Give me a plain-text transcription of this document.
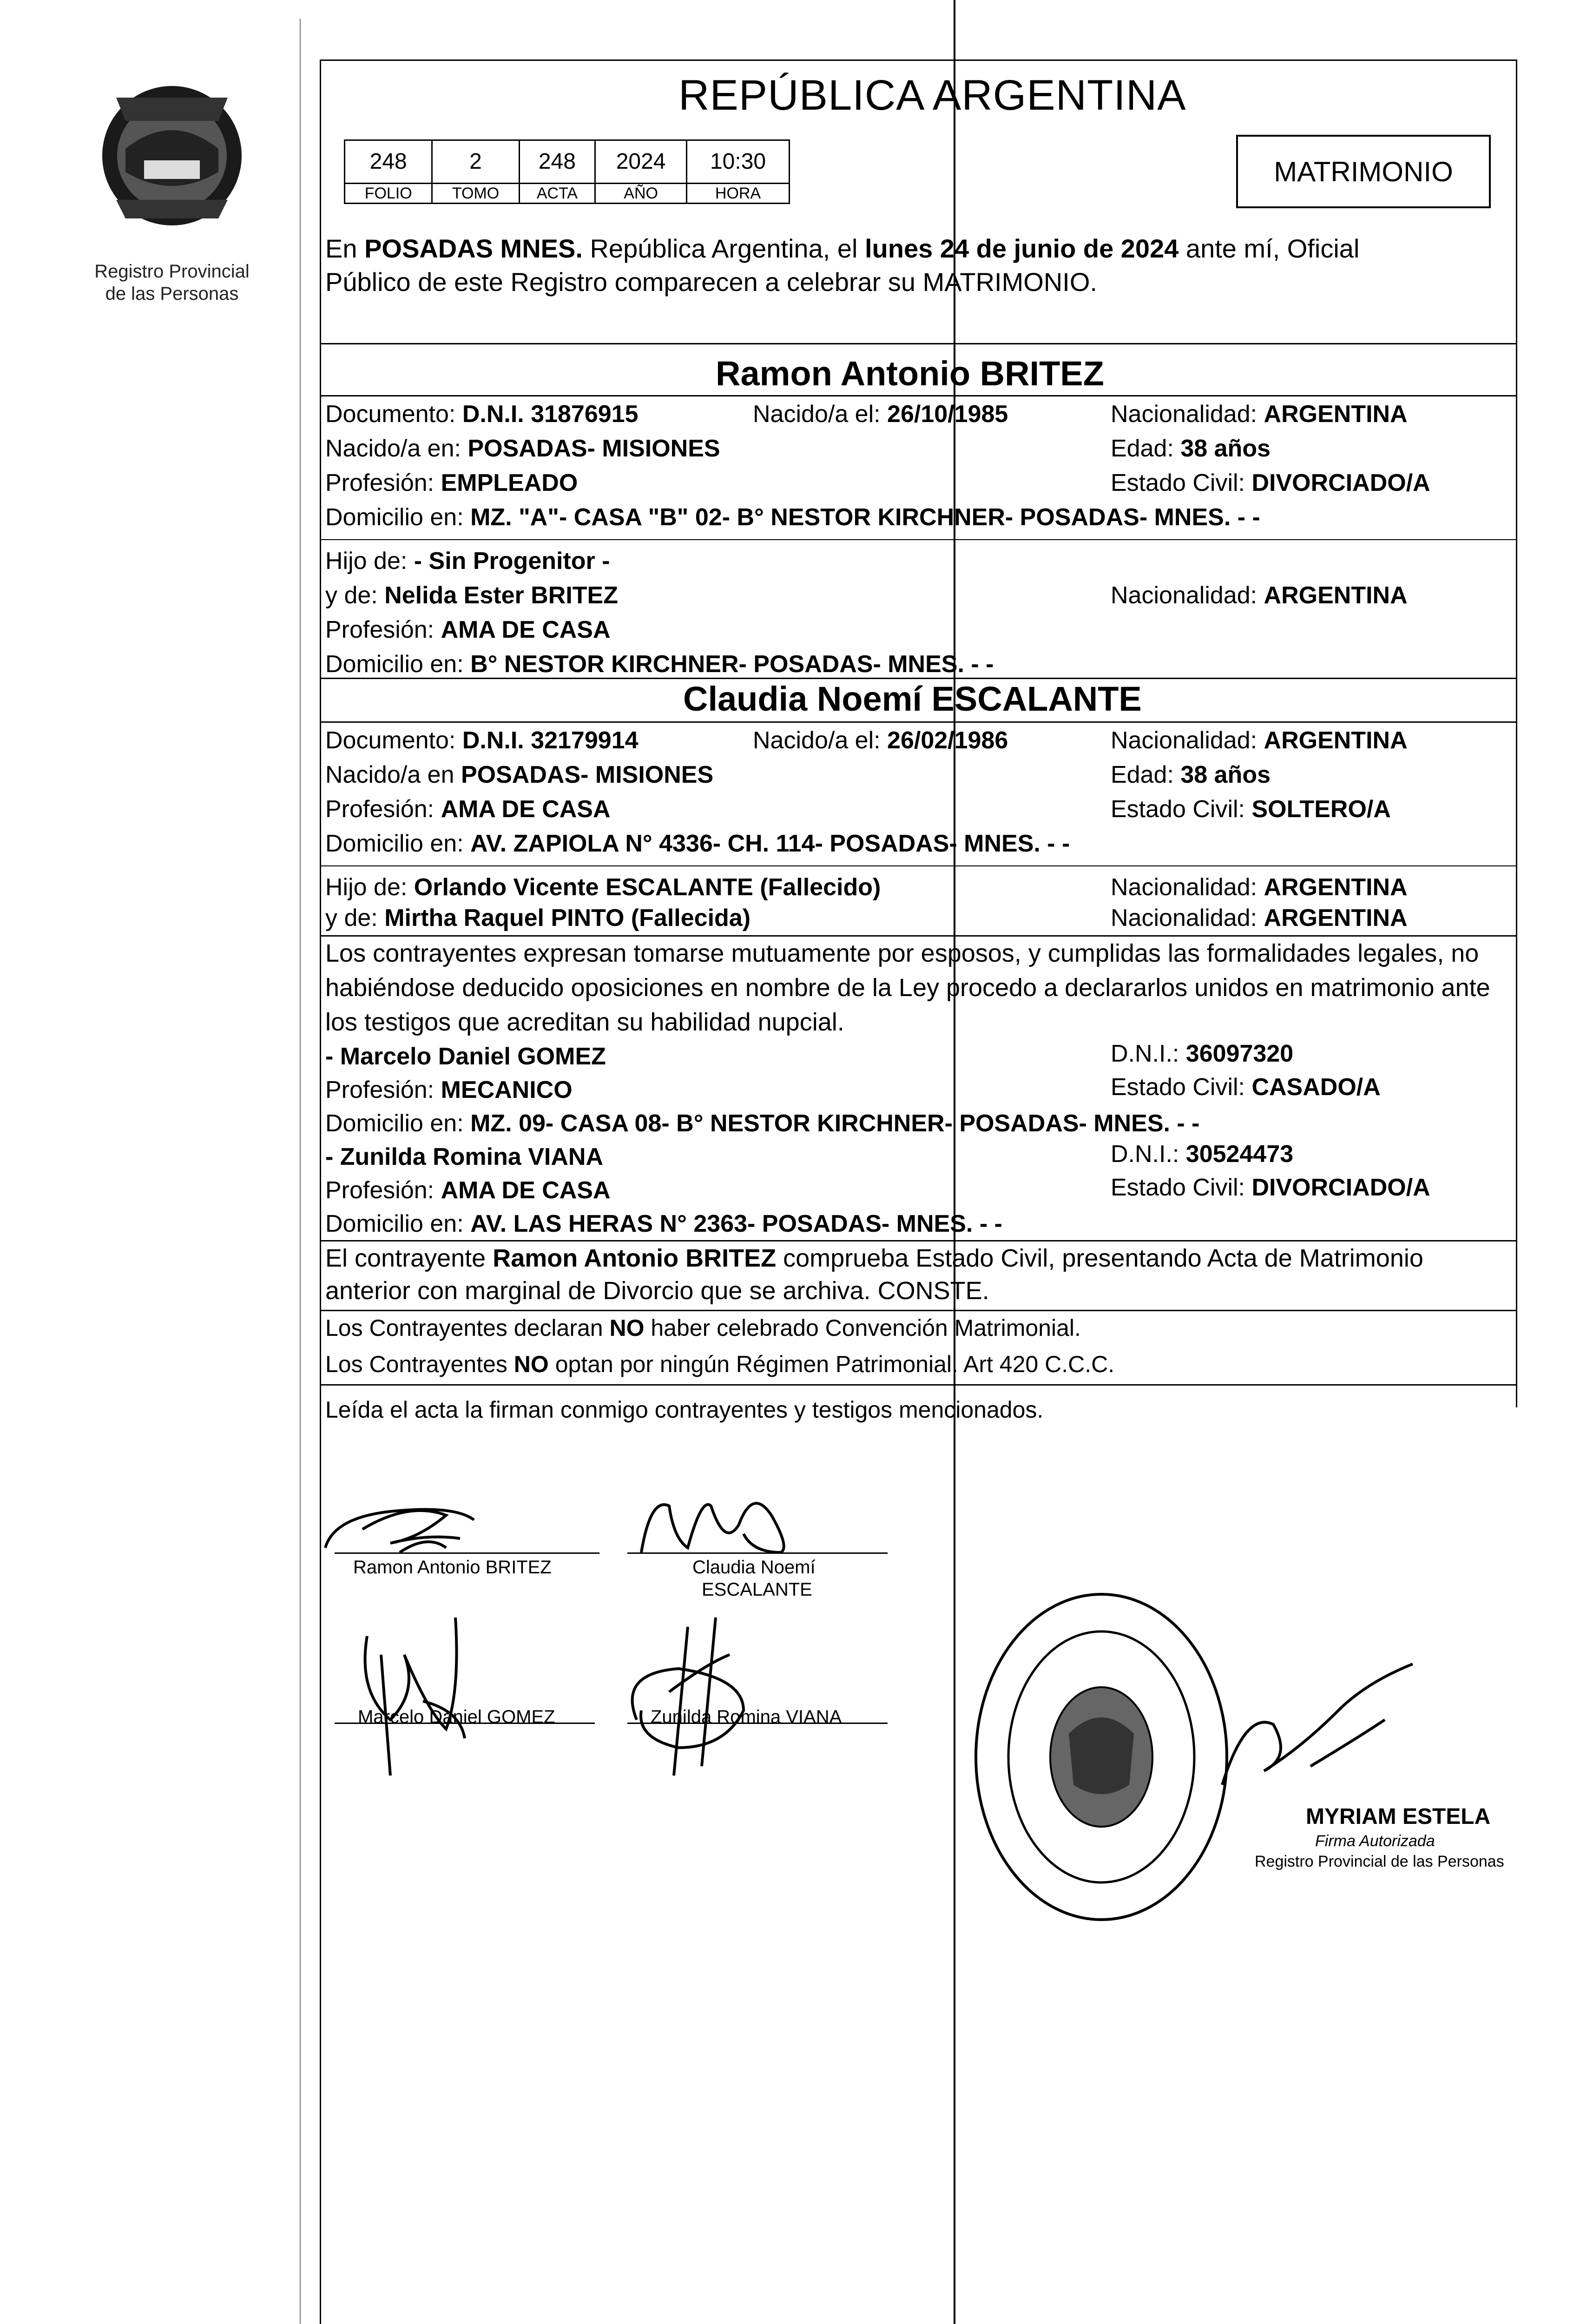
Registro Provincial
de las Personas
REPÚBLICA ARGENTINA
248	2	248	2024	10:30
FOLIO	TOMO	ACTA	AÑO	HORA
MATRIMONIO
En POSADAS MNES. República Argentina, el lunes 24 de junio de 2024 ante mí, Oficial
Público de este Registro comparecen a celebrar su MATRIMONIO.
Ramon Antonio BRITEZ
Documento: D.N.I. 31876915	Nacido/a el: 26/10/1985	Nacionalidad: ARGENTINA
Nacido/a en: POSADAS- MISIONES	Edad: 38 años
Profesión: EMPLEADO	Estado Civil: DIVORCIADO/A
Domicilio en: MZ. "A"- CASA "B" 02- B° NESTOR KIRCHNER- POSADAS- MNES. - -
Hijo de: - Sin Progenitor -
y de: Nelida Ester BRITEZ	Nacionalidad: ARGENTINA
Profesión: AMA DE CASA
Domicilio en: B° NESTOR KIRCHNER- POSADAS- MNES. - -
Claudia Noemí ESCALANTE
Documento: D.N.I. 32179914	Nacido/a el: 26/02/1986	Nacionalidad: ARGENTINA
Nacido/a en POSADAS- MISIONES	Edad: 38 años
Profesión: AMA DE CASA	Estado Civil: SOLTERO/A
Domicilio en: AV. ZAPIOLA N° 4336- CH. 114- POSADAS- MNES. - -
Hijo de: Orlando Vicente ESCALANTE (Fallecido)	Nacionalidad: ARGENTINA
y de: Mirtha Raquel PINTO (Fallecida)	Nacionalidad: ARGENTINA
Los contrayentes expresan tomarse mutuamente por esposos, y cumplidas las formalidades legales, no
habiéndose deducido oposiciones en nombre de la Ley procedo a declararlos unidos en matrimonio ante
los testigos que acreditan su habilidad nupcial.
- Marcelo Daniel GOMEZ	D.N.I.: 36097320
Profesión: MECANICO	Estado Civil: CASADO/A
Domicilio en: MZ. 09- CASA 08- B° NESTOR KIRCHNER- POSADAS- MNES. - -
- Zunilda Romina VIANA	D.N.I.: 30524473
Profesión: AMA DE CASA	Estado Civil: DIVORCIADO/A
Domicilio en: AV. LAS HERAS N° 2363- POSADAS- MNES. - -
El contrayente Ramon Antonio BRITEZ comprueba Estado Civil, presentando Acta de Matrimonio
anterior con marginal de Divorcio que se archiva. CONSTE.
Los Contrayentes declaran NO haber celebrado Convención Matrimonial.
Los Contrayentes NO optan por ningún Régimen Patrimonial. Art 420 C.C.C.
Leída el acta la firman conmigo contrayentes y testigos mencionados.
Ramon Antonio BRITEZ	Claudia Noemí
ESCALANTE
Marcelo Daniel GOMEZ	Zunilda Romina VIANA
MYRIAM ESTELA
Firma Autorizada
Registro Provincial de las Personas
